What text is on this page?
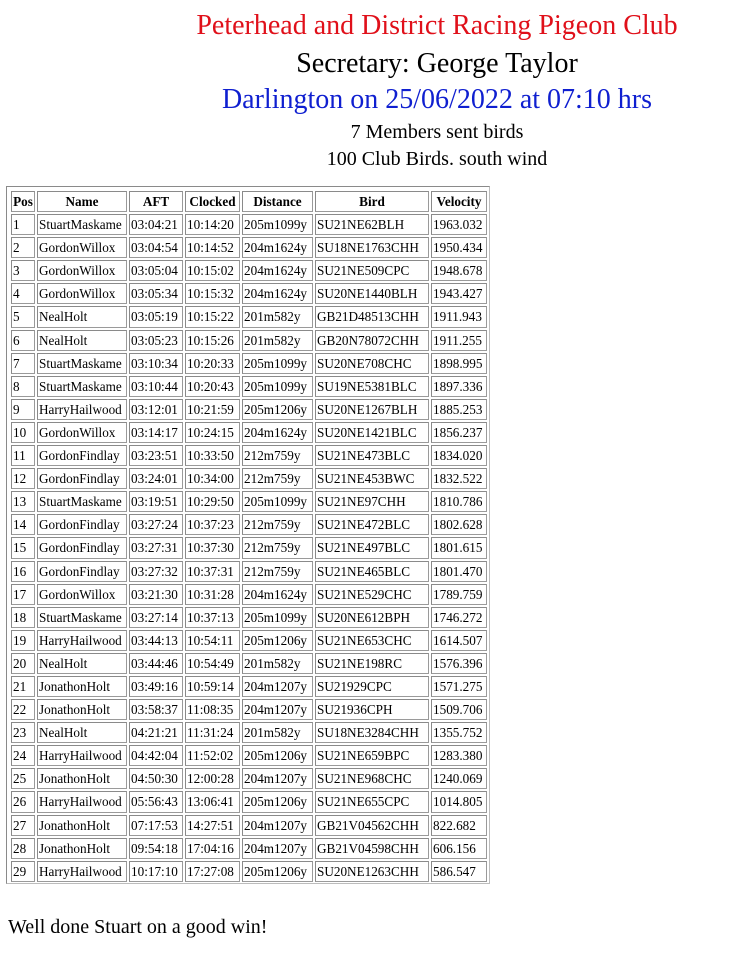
Peterhead and District Racing Pigeon Club
Secretary: George Taylor
Darlington on 25/06/2022 at 07:10 hrs
7 Members sent birds
100 Club Birds. south wind
Pos	Name	AFT	Clocked	Distance	Bird	Velocity
1	StuartMaskame	03:04:21	10:14:20	205m1099y	SU21NE62BLH	1963.032
2	GordonWillox	03:04:54	10:14:52	204m1624y	SU18NE1763CHH	1950.434
3	GordonWillox	03:05:04	10:15:02	204m1624y	SU21NE509CPC	1948.678
4	GordonWillox	03:05:34	10:15:32	204m1624y	SU20NE1440BLH	1943.427
5	NealHolt	03:05:19	10:15:22	201m582y	GB21D48513CHH	1911.943
6	NealHolt	03:05:23	10:15:26	201m582y	GB20N78072CHH	1911.255
7	StuartMaskame	03:10:34	10:20:33	205m1099y	SU20NE708CHC	1898.995
8	StuartMaskame	03:10:44	10:20:43	205m1099y	SU19NE5381BLC	1897.336
9	HarryHailwood	03:12:01	10:21:59	205m1206y	SU20NE1267BLH	1885.253
10	GordonWillox	03:14:17	10:24:15	204m1624y	SU20NE1421BLC	1856.237
11	GordonFindlay	03:23:51	10:33:50	212m759y	SU21NE473BLC	1834.020
12	GordonFindlay	03:24:01	10:34:00	212m759y	SU21NE453BWC	1832.522
13	StuartMaskame	03:19:51	10:29:50	205m1099y	SU21NE97CHH	1810.786
14	GordonFindlay	03:27:24	10:37:23	212m759y	SU21NE472BLC	1802.628
15	GordonFindlay	03:27:31	10:37:30	212m759y	SU21NE497BLC	1801.615
16	GordonFindlay	03:27:32	10:37:31	212m759y	SU21NE465BLC	1801.470
17	GordonWillox	03:21:30	10:31:28	204m1624y	SU21NE529CHC	1789.759
18	StuartMaskame	03:27:14	10:37:13	205m1099y	SU20NE612BPH	1746.272
19	HarryHailwood	03:44:13	10:54:11	205m1206y	SU21NE653CHC	1614.507
20	NealHolt	03:44:46	10:54:49	201m582y	SU21NE198RC	1576.396
21	JonathonHolt	03:49:16	10:59:14	204m1207y	SU21929CPC	1571.275
22	JonathonHolt	03:58:37	11:08:35	204m1207y	SU21936CPH	1509.706
23	NealHolt	04:21:21	11:31:24	201m582y	SU18NE3284CHH	1355.752
24	HarryHailwood	04:42:04	11:52:02	205m1206y	SU21NE659BPC	1283.380
25	JonathonHolt	04:50:30	12:00:28	204m1207y	SU21NE968CHC	1240.069
26	HarryHailwood	05:56:43	13:06:41	205m1206y	SU21NE655CPC	1014.805
27	JonathonHolt	07:17:53	14:27:51	204m1207y	GB21V04562CHH	822.682
28	JonathonHolt	09:54:18	17:04:16	204m1207y	GB21V04598CHH	606.156
29	HarryHailwood	10:17:10	17:27:08	205m1206y	SU20NE1263CHH	586.547
Well done Stuart on a good win!
